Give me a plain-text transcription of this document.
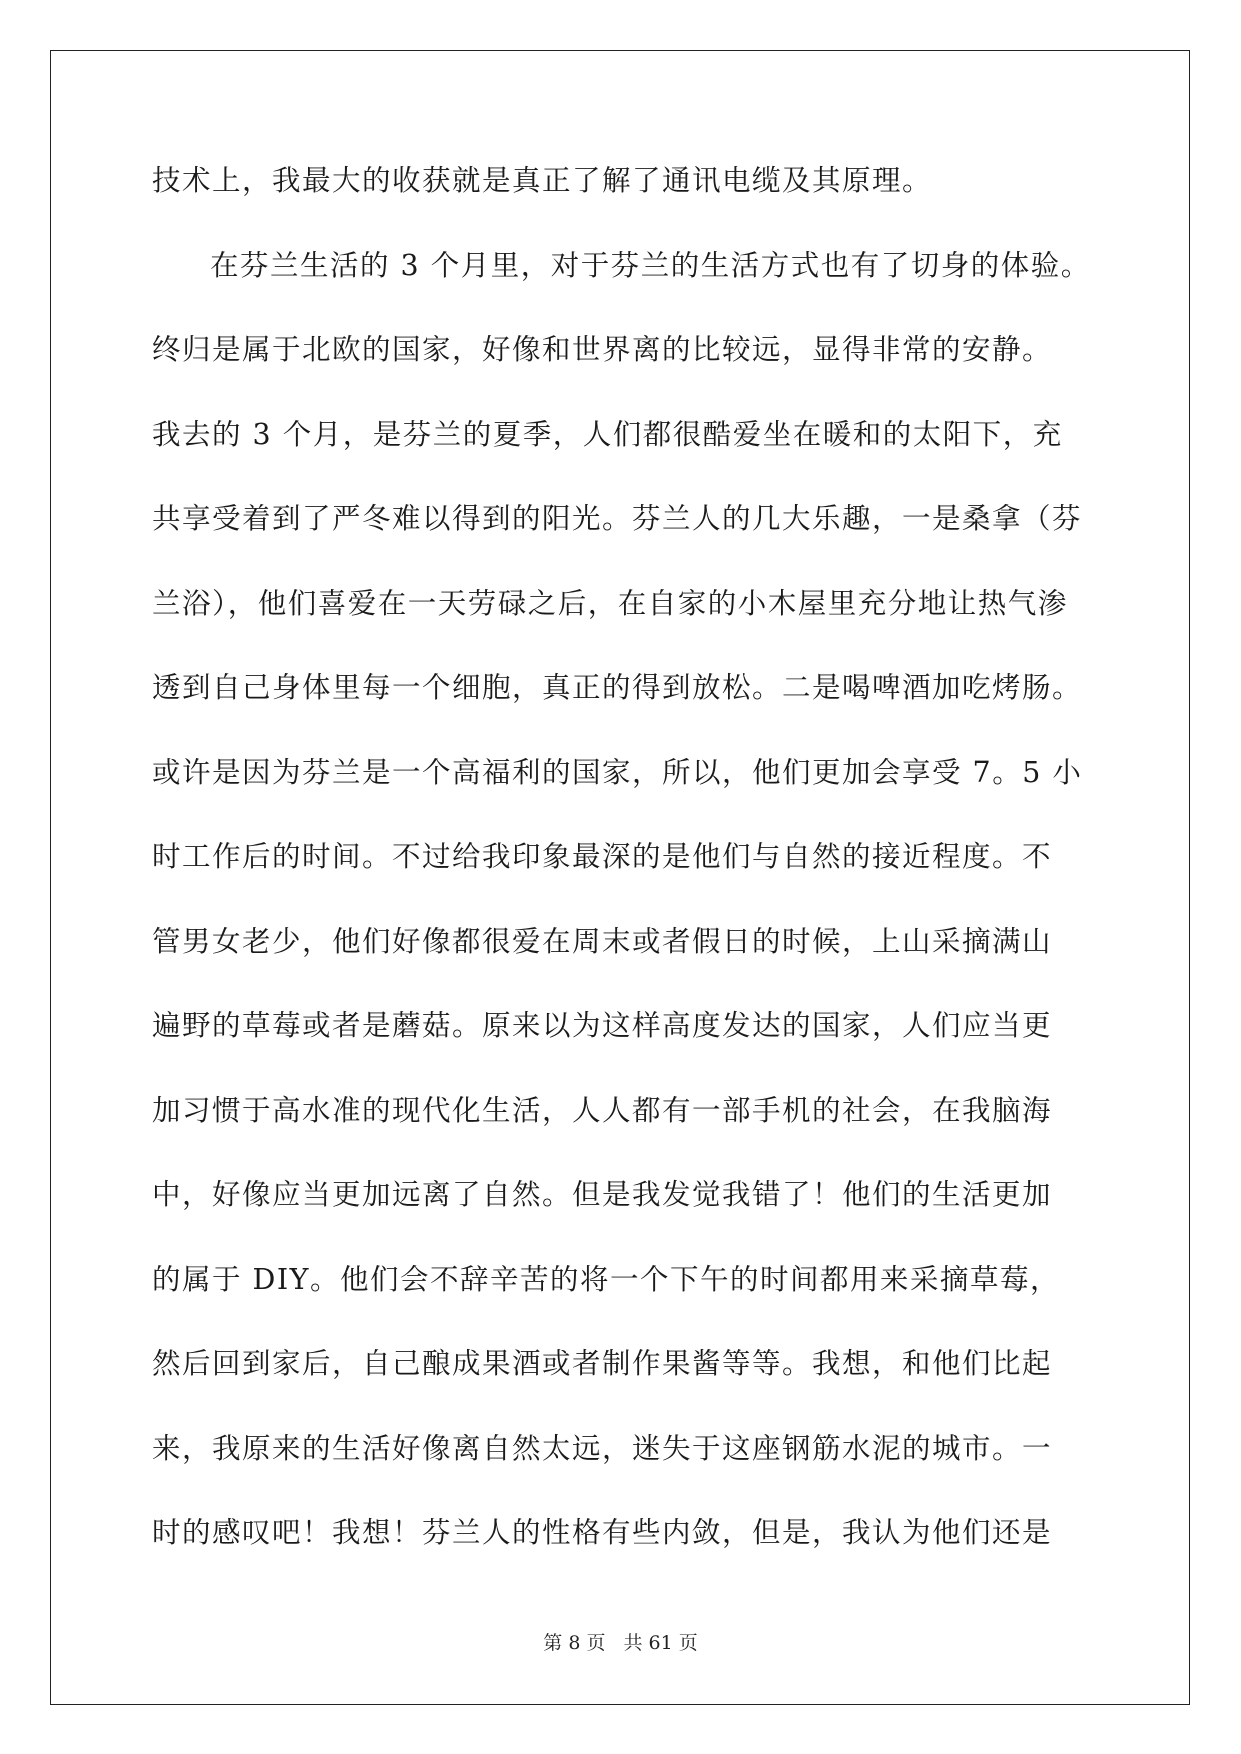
技术上，我最大的收获就是真正了解了通讯电缆及其原理。
在芬兰生活的 3 个月里，对于芬兰的生活方式也有了切身的体验。
终归是属于北欧的国家，好像和世界离的比较远，显得非常的安静。
我去的 3 个月，是芬兰的夏季，人们都很酷爱坐在暖和的太阳下，充
共享受着到了严冬难以得到的阳光。芬兰人的几大乐趣，一是桑拿（芬
兰浴），他们喜爱在一天劳碌之后，在自家的小木屋里充分地让热气渗
透到自己身体里每一个细胞，真正的得到放松。二是喝啤酒加吃烤肠。
或许是因为芬兰是一个高福利的国家，所以，他们更加会享受 7。5 小
时工作后的时间。不过给我印象最深的是他们与自然的接近程度。不
管男女老少，他们好像都很爱在周末或者假日的时候，上山采摘满山
遍野的草莓或者是蘑菇。原来以为这样高度发达的国家，人们应当更
加习惯于高水准的现代化生活，人人都有一部手机的社会，在我脑海
中，好像应当更加远离了自然。但是我发觉我错了！他们的生活更加
的属于 DIY。他们会不辞辛苦的将一个下午的时间都用来采摘草莓，
然后回到家后，自己酿成果酒或者制作果酱等等。我想，和他们比起
来，我原来的生活好像离自然太远，迷失于这座钢筋水泥的城市。一
时的感叹吧！我想！芬兰人的性格有些内敛，但是，我认为他们还是
第 8 页 共 61 页
